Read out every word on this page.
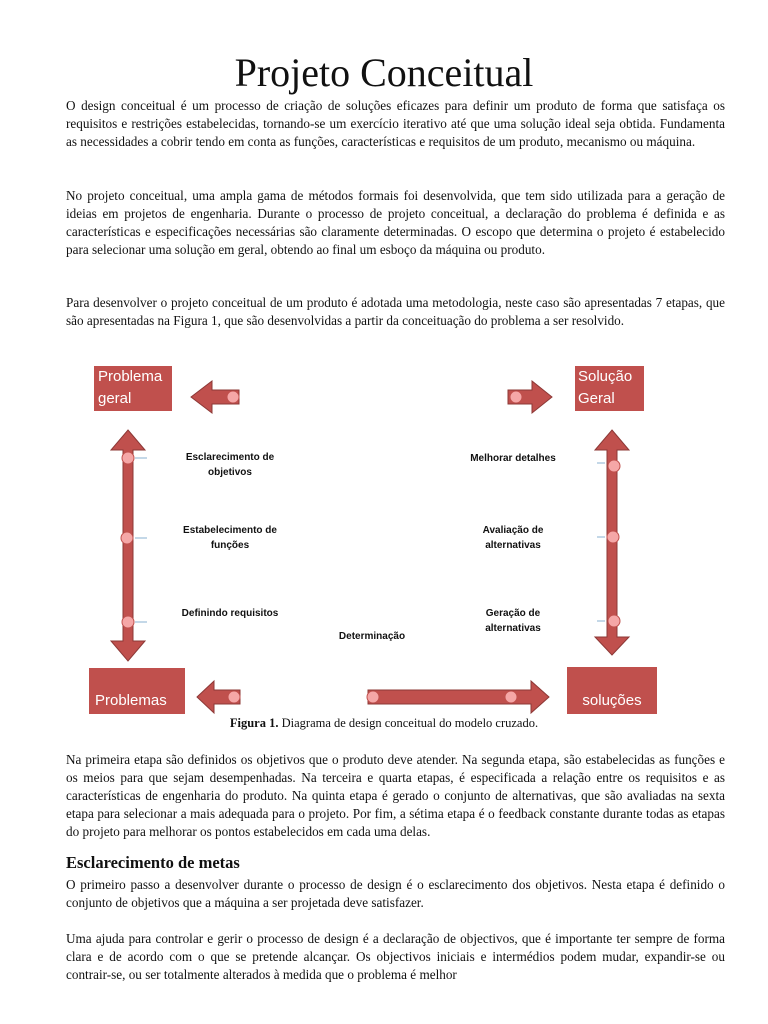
Projeto Conceitual

O design conceitual é um processo de criação de soluções eficazes para definir um produto de forma que satisfaça os requisitos e restrições estabelecidas, tornando-se um exercício iterativo até que uma solução ideal seja obtida. Fundamenta as necessidades a cobrir tendo em conta as funções, características e requisitos de um produto, mecanismo ou máquina.

No projeto conceitual, uma ampla gama de métodos formais foi desenvolvida, que tem sido utilizada para a geração de ideias em projetos de engenharia. Durante o processo de projeto conceitual, a declaração do problema é definida e as características e especificações necessárias são claramente determinadas. O escopo que determina o projeto é estabelecido para selecionar uma solução em geral, obtendo ao final um esboço da máquina ou produto.

Para desenvolver o projeto conceitual de um produto é adotada uma metodologia, neste caso são apresentadas 7 etapas, que são apresentadas na Figura 1, que são desenvolvidas a partir da conceituação do problema a ser resolvido.

Problema geral
Solução Geral
Problemas	soluções
Esclarecimento de objetivos
Estabelecimento de funções
Definindo requisitos
Determinação
Melhorar detalhes
Avaliação de alternativas
Geração de alternativas
Figura 1. Diagrama de design conceitual do modelo cruzado.

Na primeira etapa são definidos os objetivos que o produto deve atender. Na segunda etapa, são estabelecidas as funções e os meios para que sejam desempenhadas. Na terceira e quarta etapas, é especificada a relação entre os requisitos e as características de engenharia do produto. Na quinta etapa é gerado o conjunto de alternativas, que são avaliadas na sexta etapa para selecionar a mais adequada para o projeto. Por fim, a sétima etapa é o feedback constante durante todas as etapas do projeto para melhorar os pontos estabelecidos em cada uma delas.

Esclarecimento de metas

O primeiro passo a desenvolver durante o processo de design é o esclarecimento dos objetivos. Nesta etapa é definido o conjunto de objetivos que a máquina a ser projetada deve satisfazer.

Uma ajuda para controlar e gerir o processo de design é a declaração de objectivos, que é importante ter sempre de forma clara e de acordo com o que se pretende alcançar. Os objectivos iniciais e intermédios podem mudar, expandir-se ou contrair-se, ou ser totalmente alterados à medida que o problema é melhor
